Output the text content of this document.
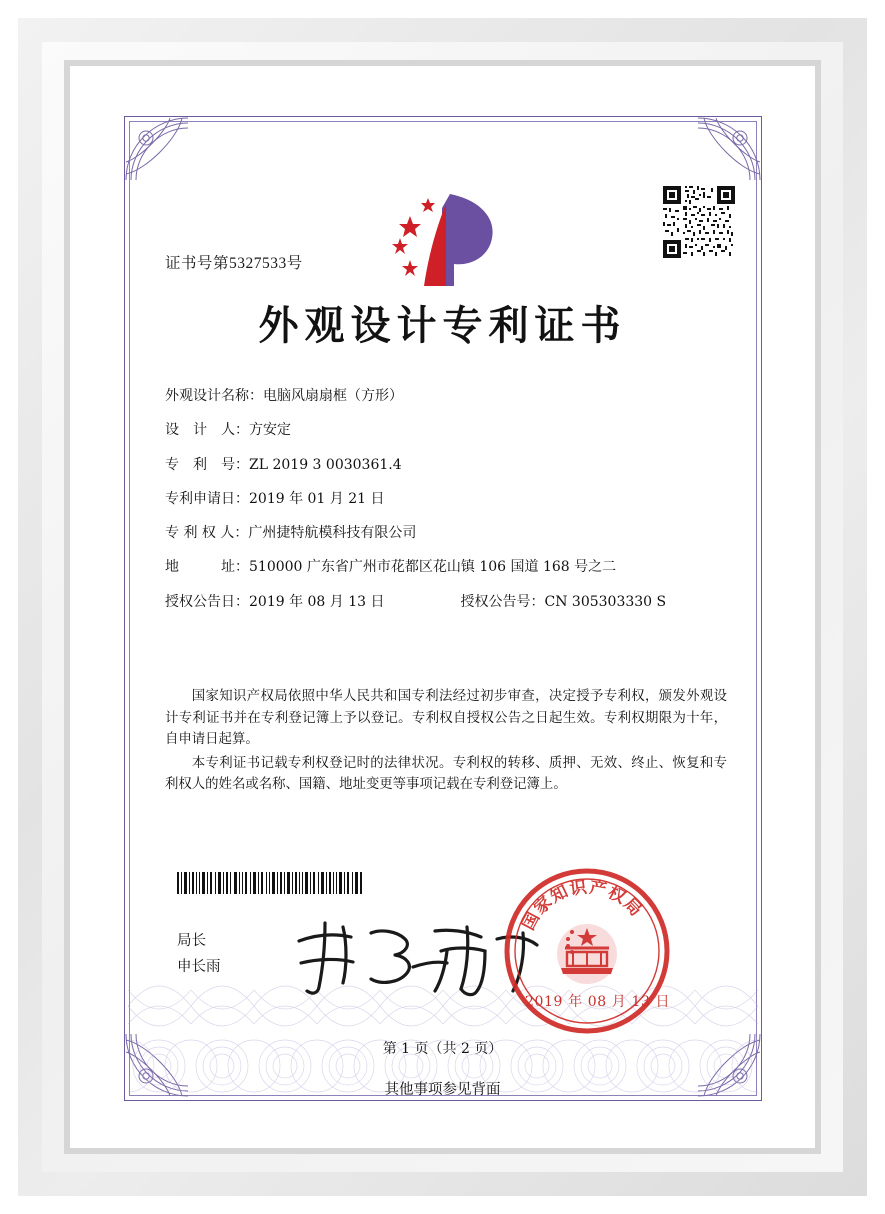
证书号第5327533号
外观设计专利证书
外观设计名称： 电脑风扇扇框（方形）
设　计　人： 方安定
专　利　号： ZL 2019 3 0030361.4
专利申请日： 2019 年 01 月 21 日
专 利 权 人： 广州捷特航模科技有限公司
地　　　址： 510000 广东省广州市花都区花山镇 106 国道 168 号之二
授权公告日： 2019 年 08 月 13 日	授权公告号： CN 305303330 S

国家知识产权局依照中华人民共和国专利法经过初步审查，决定授予专利权，颁发外观设计专利证书并在专利登记簿上予以登记。专利权自授权公告之日起生效。专利权期限为十年，自申请日起算。

本专利证书记载专利权登记时的法律状况。专利权的转移、质押、无效、终止、恢复和专利权人的姓名或名称、国籍、地址变更等事项记载在专利登记簿上。

局长
申长雨
国
家
知
识 产
权
局
2019 年 08 月 13 日
第 1 页（共 2 页）
其他事项参见背面
